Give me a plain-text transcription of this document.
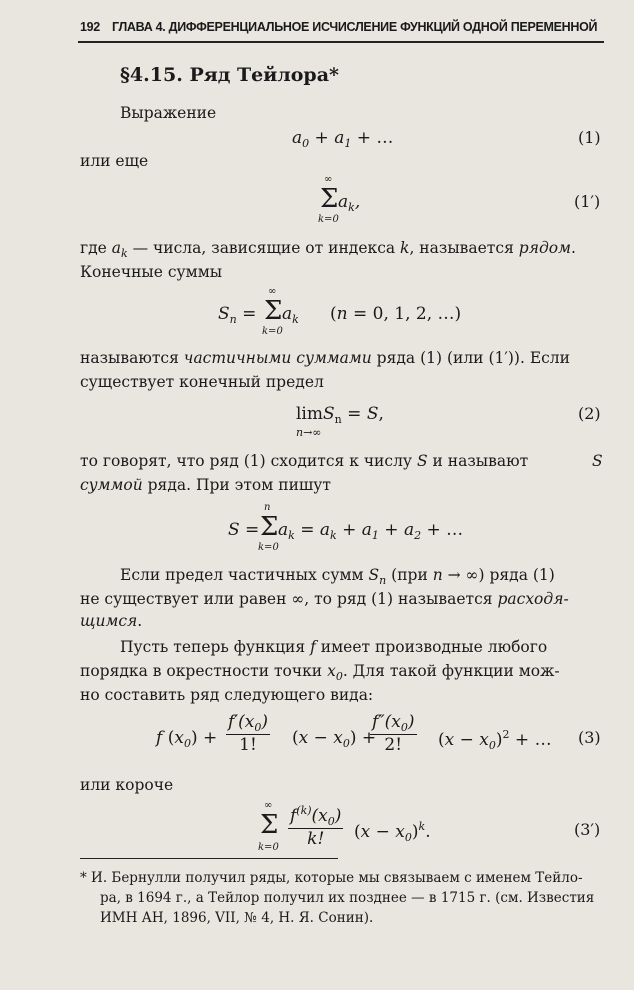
192 ГЛАВА 4. ДИФФЕРЕНЦИАЛЬНОЕ ИСЧИСЛЕНИЕ ФУНКЦИЙ ОДНОЙ ПЕРЕМЕННОЙ
§4.15. Ряд Тейлора*
Выражение
$a_0 + a_1$ + …	(1)
или еще
∞
Σ $a_k$,
k=0
(1′)
где $a_k$ — числа, зависящие от индекса k, называется рядом.
Конечные суммы
$S_n$ =
∞
Σ $a_k$
k=0
(n = 0, 1, 2, …)
называются частичными суммами ряда (1) (или (1′)). Если
существует конечный предел
limS$_n$ = S,
n→∞
(2)
то говорят, что ряд (1) сходится к числу S и называют	S
суммой ряда. При этом пишут
S =
n
Σ $a_k = a_k + a_1 + a_2$ + …
k=0
Если предел частичных сумм $S_n$ (при n → ∞) ряда (1)
не существует или равен ∞, то ряд (1) называется расходя-
щимся.
Пусть теперь функция f имеет производные любого
порядка в окрестности точки $x_0$. Для такой функции мож-
но составить ряд следующего вида:
f $(x_0) + \frac{f'(x_0)}{1!} (x - x_0)$ +
$\frac{f''(x_0)}{2!} (x - x_0)^2$ + … (3)
или короче
∞
Σ
$k=0 \frac{f^{(k)}(x_0)}{k!} (x - x_0)^k$.	(3′)
* И. Бернулли получил ряды, которые мы связываем с именем Тейло-
ра, в 1694 г., а Тейлор получил их позднее — в 1715 г. (см. Известия
ИМН АН, 1896, VII, № 4, Н. Я. Сонин).
